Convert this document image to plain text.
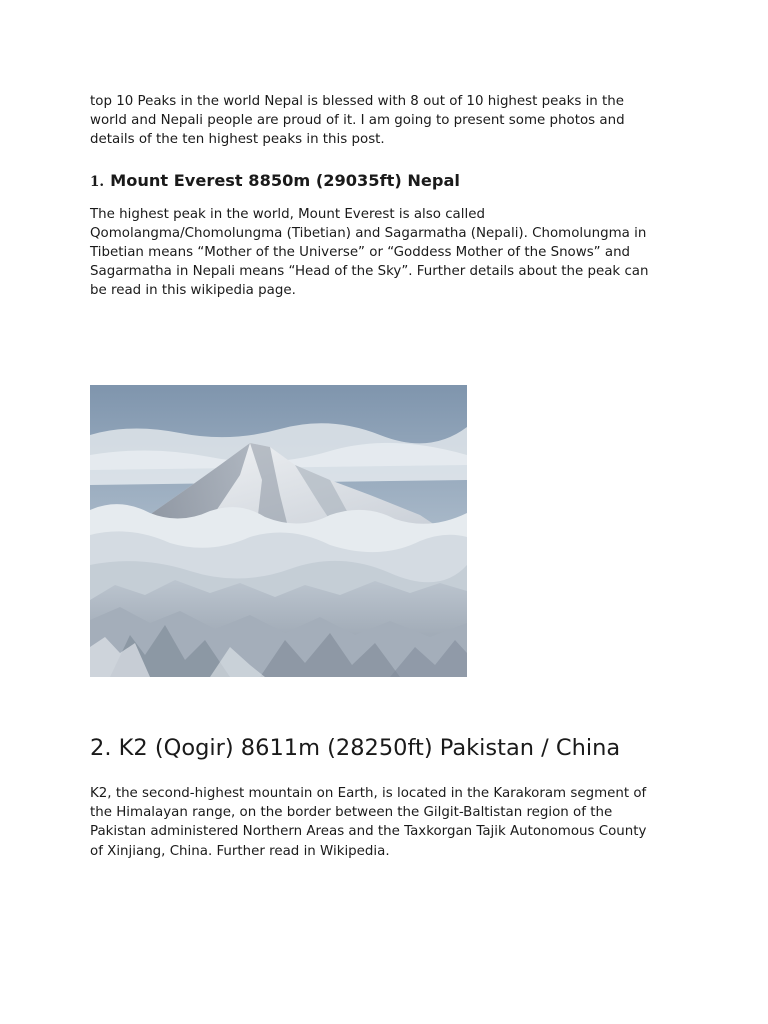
top 10 Peaks in the world Nepal is blessed with 8 out of 10 highest peaks in the
world and Nepali people are proud of it. I am going to present some photos and
details of the ten highest peaks in this post.

1. Mount Everest 8850m (29035ft) Nepal

The highest peak in the world, Mount Everest is also called
Qomolangma/Chomolungma (Tibetian) and Sagarmatha (Nepali). Chomolungma in
Tibetian means “Mother of the Universe” or “Goddess Mother of the Snows” and
Sagarmatha in Nepali means “Head of the Sky”. Further details about the peak can
be read in this wikipedia page.

2. K2 (Qogir) 8611m (28250ft) Pakistan / China

K2, the second-highest mountain on Earth, is located in the Karakoram segment of
the Himalayan range, on the border between the Gilgit-Baltistan region of the
Pakistan administered Northern Areas and the Taxkorgan Tajik Autonomous County
of Xinjiang, China. Further read in Wikipedia.
